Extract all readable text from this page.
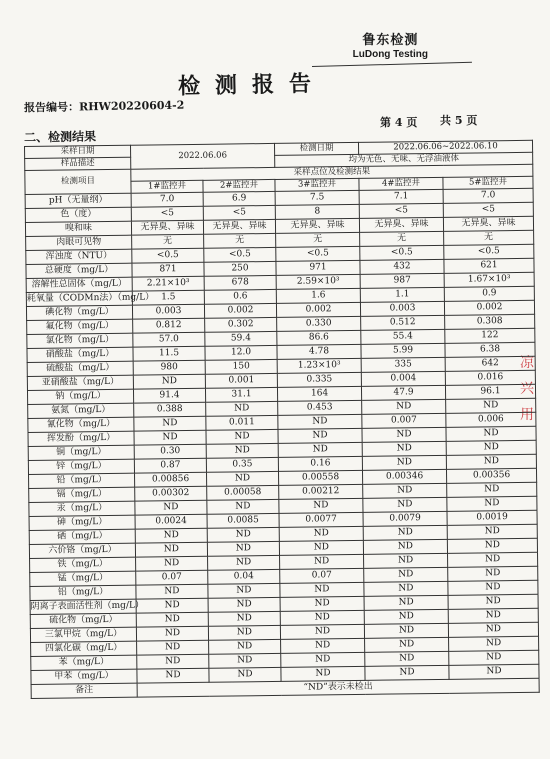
鲁东检测
LuDong Testing
检测报告
报告编号：RHW20220604-2
第 4 页 共 5 页
二、检测结果
凉
兴
用
采样日期	2022.06.06		检测日期	2022.06.06~2022.06.10	
样品描述			均为无色、无味、无浮油液体		
检测项目	采样点位及检测结果				
	1#监控井	2#监控井	3#监控井	4#监控井	5#监控井
pH（无量纲）	7.0	6.9	7.5	7.1	7.0
色（度）	<5	<5	8	<5	<5
嗅和味	无异臭、异味	无异臭、异味	无异臭、异味	无异臭、异味	无异臭、异味
肉眼可见物	无	无	无	无	无
浑浊度（NTU）	<0.5	<0.5	<0.5	<0.5	<0.5
总硬度（mg/L）	871	250	971	432	621
溶解性总固体（mg/L）	2.21×10³	678	2.59×10³	987	1.67×10³
耗氧量（CODMn法）（mg/L）	1.5	0.6	1.6	1.1	0.9
碘化物（mg/L）	0.003	0.002	0.002	0.003	0.002
氟化物（mg/L）	0.812	0.302	0.330	0.512	0.308
氯化物（mg/L）	57.0	59.4	86.6	55.4	122
硝酸盐（mg/L）	11.5	12.0	4.78	5.99	6.38
硫酸盐（mg/L）	980	150	1.23×10³	335	642
亚硝酸盐（mg/L）	ND	0.001	0.335	0.004	0.016
钠（mg/L）	91.4	31.1	164	47.9	96.1
氨氮（mg/L）	0.388	ND	0.453	ND	ND
氰化物（mg/L）	ND	0.011	ND	0.007	0.006
挥发酚（mg/L）	ND	ND	ND	ND	ND
铜（mg/L）	0.30	ND	ND	ND	ND
锌（mg/L）	0.87	0.35	0.16	ND	ND
铅（mg/L）	0.00856	ND	0.00558	0.00346	0.00356
镉（mg/L）	0.00302	0.00058	0.00212	ND	ND
汞（mg/L）	ND	ND	ND	ND	ND
砷（mg/L）	0.0024	0.0085	0.0077	0.0079	0.0019
硒（mg/L）	ND	ND	ND	ND	ND
六价铬（mg/L）	ND	ND	ND	ND	ND
铁（mg/L）	ND	ND	ND	ND	ND
锰（mg/L）	0.07	0.04	0.07	ND	ND
铝（mg/L）	ND	ND	ND	ND	ND
阴离子表面活性剂（mg/L）	ND	ND	ND	ND	ND
硫化物（mg/L）	ND	ND	ND	ND	ND
三氯甲烷（mg/L）	ND	ND	ND	ND	ND
四氯化碳（mg/L）	ND	ND	ND	ND	ND
苯（mg/L）	ND	ND	ND	ND	ND
甲苯（mg/L）	ND	ND	ND	ND	ND
备注	“ND”表示未检出				
